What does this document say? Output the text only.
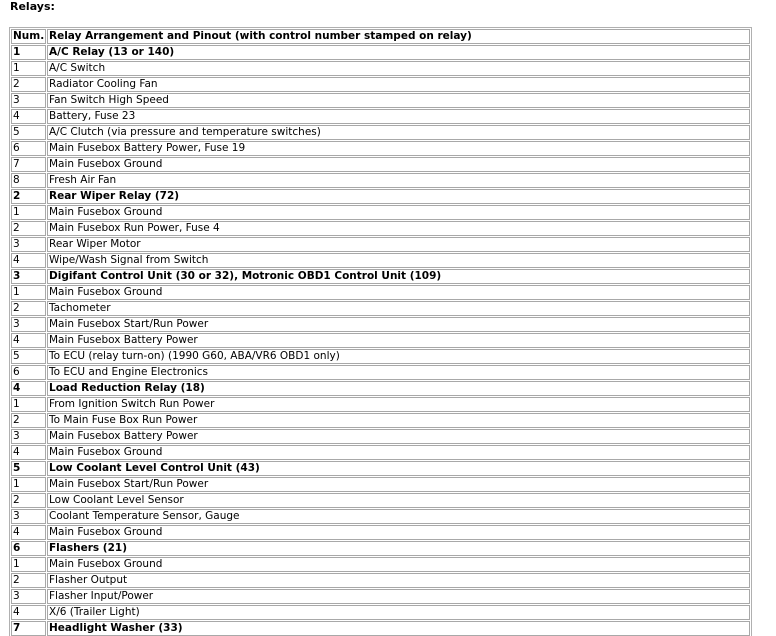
Relays:
Num.	Relay Arrangement and Pinout (with control number stamped on relay)
1	A/C Relay (13 or 140)
1	A/C Switch
2	Radiator Cooling Fan
3	Fan Switch High Speed
4	Battery, Fuse 23
5	A/C Clutch (via pressure and temperature switches)
6	Main Fusebox Battery Power, Fuse 19
7	Main Fusebox Ground
8	Fresh Air Fan
2	Rear Wiper Relay (72)
1	Main Fusebox Ground
2	Main Fusebox Run Power, Fuse 4
3	Rear Wiper Motor
4	Wipe/Wash Signal from Switch
3	Digifant Control Unit (30 or 32), Motronic OBD1 Control Unit (109)
1	Main Fusebox Ground
2	Tachometer
3	Main Fusebox Start/Run Power
4	Main Fusebox Battery Power
5	To ECU (relay turn-on) (1990 G60, ABA/VR6 OBD1 only)
6	To ECU and Engine Electronics
4	Load Reduction Relay (18)
1	From Ignition Switch Run Power
2	To Main Fuse Box Run Power
3	Main Fusebox Battery Power
4	Main Fusebox Ground
5	Low Coolant Level Control Unit (43)
1	Main Fusebox Start/Run Power
2	Low Coolant Level Sensor
3	Coolant Temperature Sensor, Gauge
4	Main Fusebox Ground
6	Flashers (21)
1	Main Fusebox Ground
2	Flasher Output
3	Flasher Input/Power
4	X/6 (Trailer Light)
7	Headlight Washer (33)
